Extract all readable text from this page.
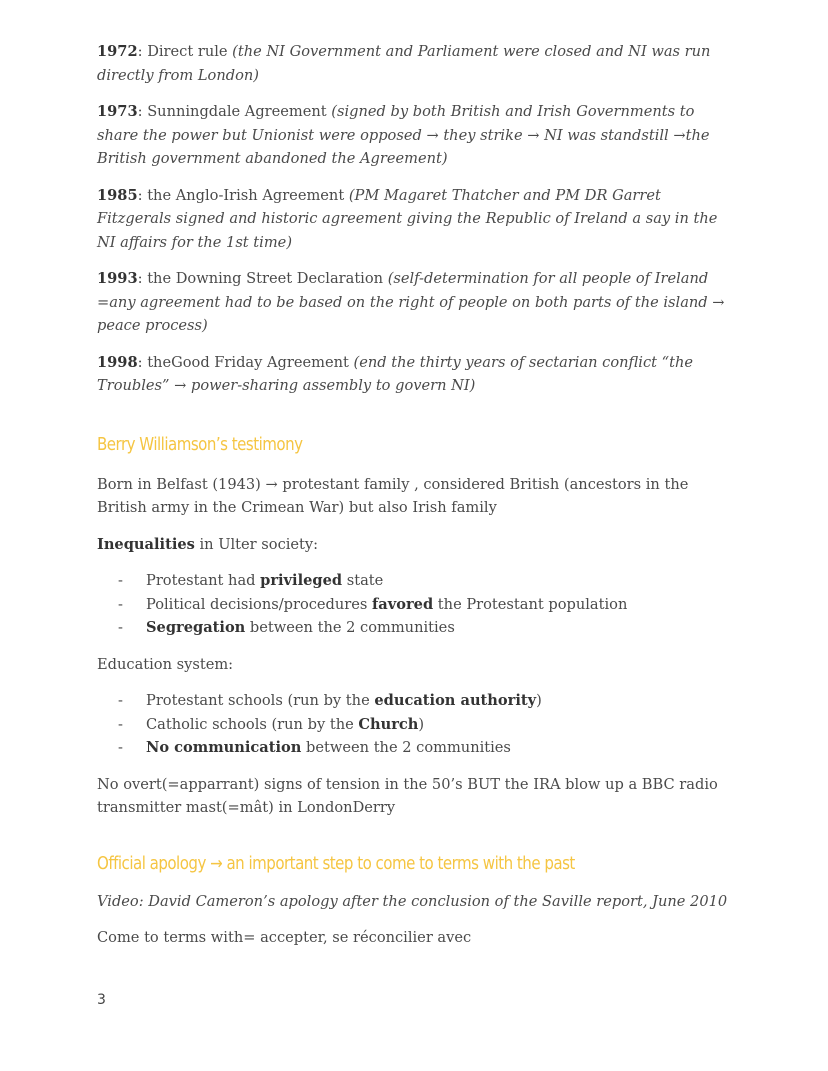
1972: Direct rule (the NI Government and Parliament were closed and NI was run directly from London)

1973: Sunningdale Agreement (signed by both British and Irish Governments to share the power but Unionist were opposed → they strike → NI was standstill →the British government abandoned the Agreement)

1985: the Anglo-Irish Agreement (PM Magaret Thatcher and PM DR Garret Fitzgerals signed and historic agreement giving the Republic of Ireland a say in the NI affairs for the 1st time)

1993: the Downing Street Declaration (self-determination for all people of Ireland =any agreement had to be based on the right of people on both parts of the island → peace process)

1998: theGood Friday Agreement (end the thirty years of sectarian conflict “the Troubles” → power-sharing assembly to govern NI)

Berry Williamson’s testimony

Born in Belfast (1943) → protestant family , considered British (ancestors in the British army in the Crimean War) but also Irish family

Inequalities in Ulter society:

- Protestant had privileged state
- Political decisions/procedures favored the Protestant population
- Segregation between the 2 communities

Education system:

- Protestant schools (run by the education authority)
- Catholic schools (run by the Church)
- No communication between the 2 communities

No overt(=apparrant) signs of tension in the 50’s BUT the IRA blow up a BBC radio transmitter mast(=mât) in LondonDerry

Official apology → an important step to come to terms with the past

Video: David Cameron’s apology after the conclusion of the Saville report, June 2010

Come to terms with= accepter, se réconcilier avec

3
